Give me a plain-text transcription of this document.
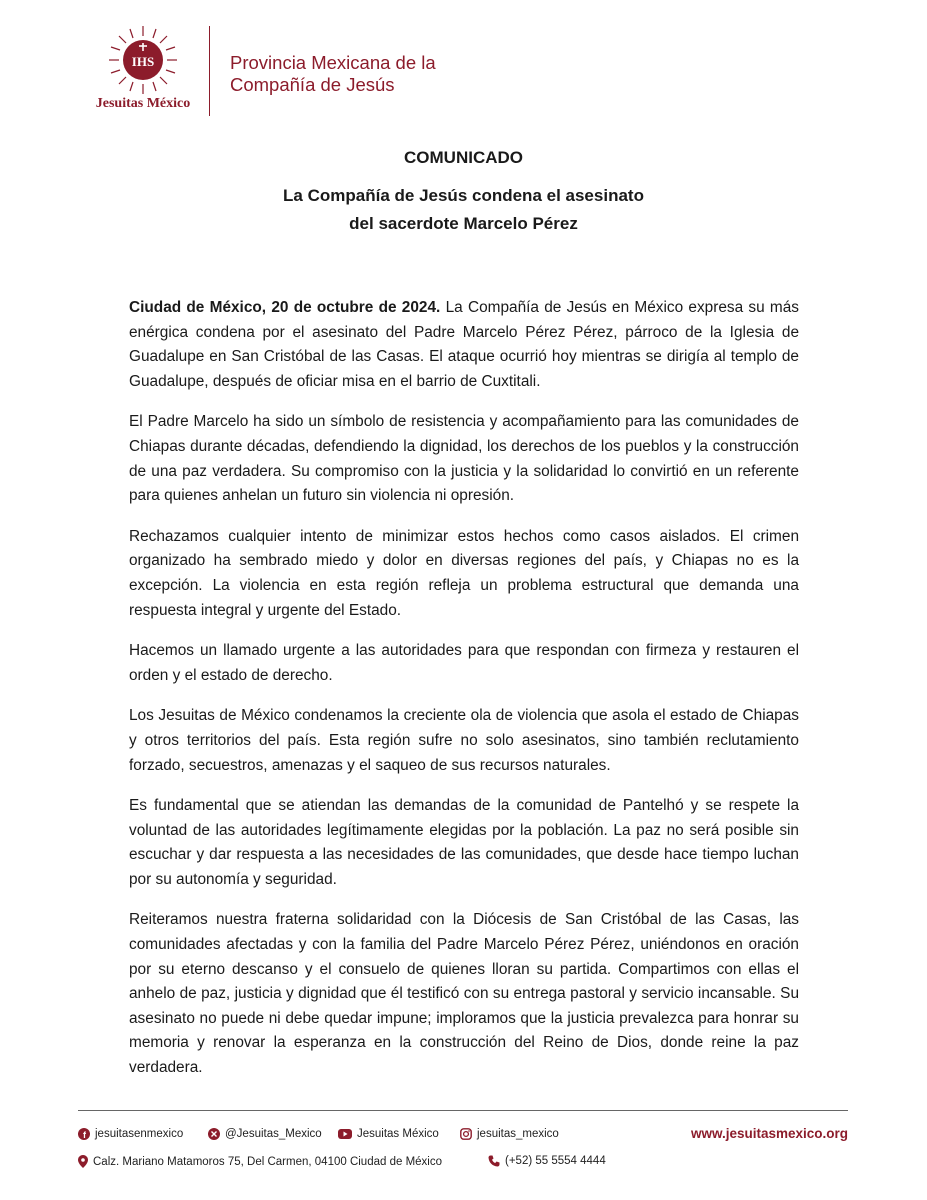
IHS
Jesuitas México
Provincia Mexicana de la
Compañía de Jesús
COMUNICADO
La Compañía de Jesús condena el asesinato
del sacerdote Marcelo Pérez

Ciudad de México, 20 de octubre de 2024. La Compañía de Jesús en México expresa su más enérgica condena por el asesinato del Padre Marcelo Pérez Pérez, párroco de la Iglesia de Guadalupe en San Cristóbal de las Casas. El ataque ocurrió hoy mientras se dirigía al templo de Guadalupe, después de oficiar misa en el barrio de Cuxtitali.

El Padre Marcelo ha sido un símbolo de resistencia y acompañamiento para las comunidades de Chiapas durante décadas, defendiendo la dignidad, los derechos de los pueblos y la construcción de una paz verdadera. Su compromiso con la justicia y la solidaridad lo convirtió en un referente para quienes anhelan un futuro sin violencia ni opresión.

Rechazamos cualquier intento de minimizar estos hechos como casos aislados. El crimen organizado ha sembrado miedo y dolor en diversas regiones del país, y Chiapas no es la excepción. La violencia en esta región refleja un problema estructural que demanda una respuesta integral y urgente del Estado.

Hacemos un llamado urgente a las autoridades para que respondan con firmeza y restauren el orden y el estado de derecho.

Los Jesuitas de México condenamos la creciente ola de violencia que asola el estado de Chiapas y otros territorios del país. Esta región sufre no solo asesinatos, sino también reclutamiento forzado, secuestros, amenazas y el saqueo de sus recursos naturales.

Es fundamental que se atiendan las demandas de la comunidad de Pantelhó y se respete la voluntad de las autoridades legítimamente elegidas por la población. La paz no será posible sin escuchar y dar respuesta a las necesidades de las comunidades, que desde hace tiempo luchan por su autonomía y seguridad.

Reiteramos nuestra fraterna solidaridad con la Diócesis de San Cristóbal de las Casas, las comunidades afectadas y con la familia del Padre Marcelo Pérez Pérez, uniéndonos en oración por su eterno descanso y el consuelo de quienes lloran su partida. Compartimos con ellas el anhelo de paz, justicia y dignidad que él testificó con su entrega pastoral y servicio incansable. Su asesinato no puede ni debe quedar impune; imploramos que la justicia prevalezca para honrar su memoria y renovar la esperanza en la construcción del Reino de Dios, donde reine la paz verdadera.

f jesuitasenmexico	@Jesuitas_Mexico	Jesuitas México	jesuitas_mexico	www.jesuitasmexico.org
Calz. Mariano Matamoros 75, Del Carmen, 04100 Ciudad de México	(+52) 55 5554 4444
